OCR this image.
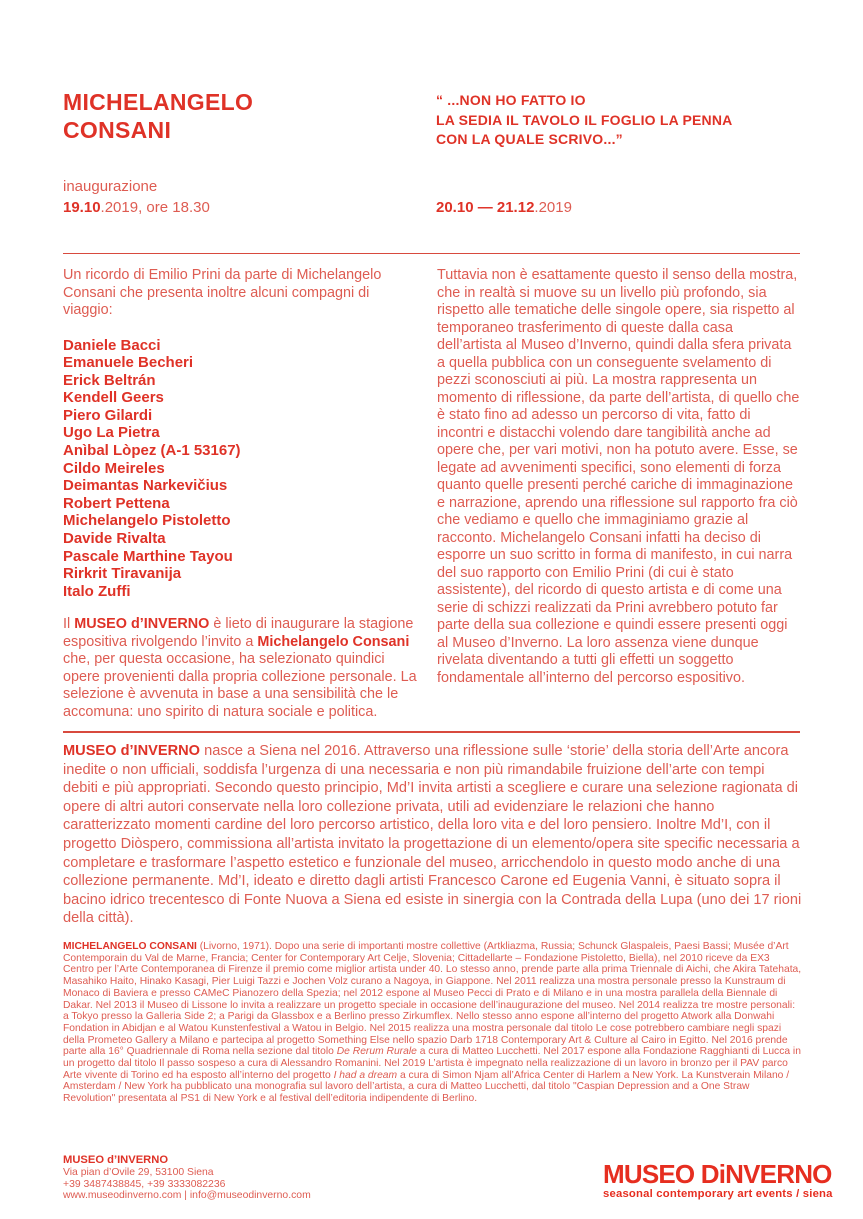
MICHELANGELO
CONSANI
“ ...NON HO FATTO IO
LA SEDIA IL TAVOLO IL FOGLIO LA PENNA
CON LA QUALE SCRIVO...”
inaugurazione
19.10.2019, ore 18.30	20.10 — 21.12.2019

Un ricordo di Emilio Prini da parte di Michelangelo Consani che presenta inoltre alcuni compagni di viaggio:

Daniele Bacci
Emanuele Becheri
Erick Beltrán
Kendell Geers
Piero Gilardi
Ugo La Pietra
Anìbal Lòpez (A-1 53167)
Cildo Meireles
Deimantas Narkevičius
Robert Pettena
Michelangelo Pistoletto
Davide Rivalta
Pascale Marthine Tayou
Rirkrit Tiravanija
Italo Zuffi

Il MUSEO d’INVERNO è lieto di inaugurare la stagione espositiva rivolgendo l’invito a Michelangelo Consani che, per questa occasione, ha selezionato quindici opere provenienti dalla propria collezione personale. La selezione è avvenuta in base a una sensibilità che le accomuna: uno spirito di natura sociale e politica.

Tuttavia non è esattamente questo il senso della mostra, che in realtà si muove su un livello più profondo, sia rispetto alle tematiche delle singole opere, sia rispetto al temporaneo trasferimento di queste dalla casa dell’artista al Museo d’Inverno, quindi dalla sfera privata a quella pubblica con un conseguente svelamento di pezzi sconosciuti ai più. La mostra rappresenta un momento di riflessione, da parte dell’artista, di quello che è stato fino ad adesso un percorso di vita, fatto di incontri e distacchi volendo dare tangibilità anche ad opere che, per vari motivi, non ha potuto avere. Esse, se legate ad avvenimenti specifici, sono elementi di forza quanto quelle presenti perché cariche di immaginazione e narrazione, aprendo una riflessione sul rapporto fra ciò che vediamo e quello che immaginiamo grazie al racconto. Michelangelo Consani infatti ha deciso di esporre un suo scritto in forma di manifesto, in cui narra del suo rapporto con Emilio Prini (di cui è stato assistente), del ricordo di questo artista e di come una serie di schizzi realizzati da Prini avrebbero potuto far parte della sua collezione e quindi essere presenti oggi al Museo d’Inverno. La loro assenza viene dunque rivelata diventando a tutti gli effetti un soggetto fondamentale all’interno del percorso espositivo.

MUSEO d’INVERNO nasce a Siena nel 2016. Attraverso una riflessione sulle ‘storie’ della storia dell’Arte ancora inedite o non ufficiali, soddisfa l’urgenza di una necessaria e non più rimandabile fruizione dell’arte con tempi debiti e più appropriati. Secondo questo principio, Md’I invita artisti a scegliere e curare una selezione ragionata di opere di altri autori conservate nella loro collezione privata, utili ad evidenziare le relazioni che hanno caratterizzato momenti cardine del loro percorso artistico, della loro vita e del loro pensiero. Inoltre Md’I, con il progetto Diòspero, commissiona all’artista invitato la progettazione di un elemento/opera site specific necessaria a completare e trasformare l’aspetto estetico e funzionale del museo, arricchendolo in questo modo anche di una collezione permanente. Md’I, ideato e diretto dagli artisti Francesco Carone ed Eugenia Vanni, è situato sopra il bacino idrico trecentesco di Fonte Nuova a Siena ed esiste in sinergia con la Contrada della Lupa (uno dei 17 rioni della città).

MICHELANGELO CONSANI (Livorno, 1971). Dopo una serie di importanti mostre collettive (Artkliazma, Russia; Schunck Glaspaleis, Paesi Bassi; Musée d’Art Contemporain du Val de Marne, Francia; Center for Contemporary Art Celje, Slovenia; Cittadellarte – Fondazione Pistoletto, Biella), nel 2010 riceve da EX3 Centro per l’Arte Contemporanea di Firenze il premio come miglior artista under 40. Lo stesso anno, prende parte alla prima Triennale di Aichi, che Akira Tatehata, Masahiko Haito, Hinako Kasagi, Pier Luigi Tazzi e Jochen Volz curano a Nagoya, in Giappone. Nel 2011 realizza una mostra personale presso la Kunstraum di Monaco di Baviera e presso CAMeC Pianozero della Spezia; nel 2012 espone al Museo Pecci di Prato e di Milano e in una mostra parallela della Biennale di Dakar. Nel 2013 il Museo di Lissone lo invita a realizzare un progetto speciale in occasione dell’inaugurazione del museo. Nel 2014 realizza tre mostre personali: a Tokyo presso la Galleria Side 2; a Parigi da Glassbox e a Berlino presso Zirkumflex. Nello stesso anno espone all’interno del progetto Atwork alla Donwahi Fondation in Abidjan e al Watou Kunstenfestival a Watou in Belgio. Nel 2015 realizza una mostra personale dal titolo Le cose potrebbero cambiare negli spazi della Prometeo Gallery a Milano e partecipa al progetto Something Else nello spazio Darb 1718 Contemporary Art & Culture al Cairo in Egitto. Nel 2016 prende parte alla 16° Quadriennale di Roma nella sezione dal titolo De Rerum Rurale a cura di Matteo Lucchetti. Nel 2017 espone alla Fondazione Ragghianti di Lucca in un progetto dal titolo Il passo sospeso a cura di Alessandro Romanini. Nel 2019 L’artista è impegnato nella realizzazione di un lavoro in bronzo per il PAV parco Arte vivente di Torino ed ha esposto all’interno del progetto I had a dream a cura di Simon Njam all’Africa Center di Harlem a New York. La Kunstverain Milano / Amsterdam / New York ha pubblicato una monografia sul lavoro dell’artista, a cura di Matteo Lucchetti, dal titolo "Caspian Depression and a One Straw Revolution" presentata al PS1 di New York e al festival dell’editoria indipendente di Berlino.

MUSEO d’INVERNO
Via pian d’Ovile 29, 53100 Siena
+39 3487438845, +39 3333082236
www.museodinverno.com | info@museodinverno.com
MUSEO DiNVERNO
seasonal contemporary art events / siena
